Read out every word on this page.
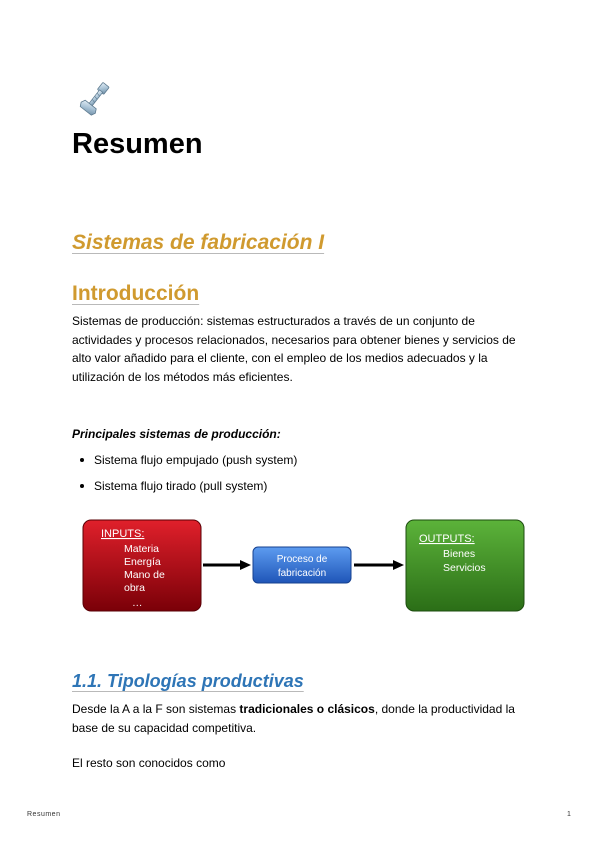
Resumen
Sistemas de fabricación I
Introducción

Sistemas de producción: sistemas estructurados a través de un conjunto de actividades y procesos relacionados, necesarios para obtener bienes y servicios de alto valor añadido para el cliente, con el empleo de los medios adecuados y la utilización de los métodos más eficientes.

Principales sistemas de producción:

Sistema flujo empujado (push system)
Sistema flujo tirado (pull system)
INPUTS:
Materia
Energía
Mano de
obra
…
Proceso de
fabricación
OUTPUTS:
Bienes
Servicios
1.1. Tipologías productivas

Desde la A a la F son sistemas tradicionales o clásicos, donde la productividad la base de su capacidad competitiva.

El resto son conocidos como

Resumen	1
